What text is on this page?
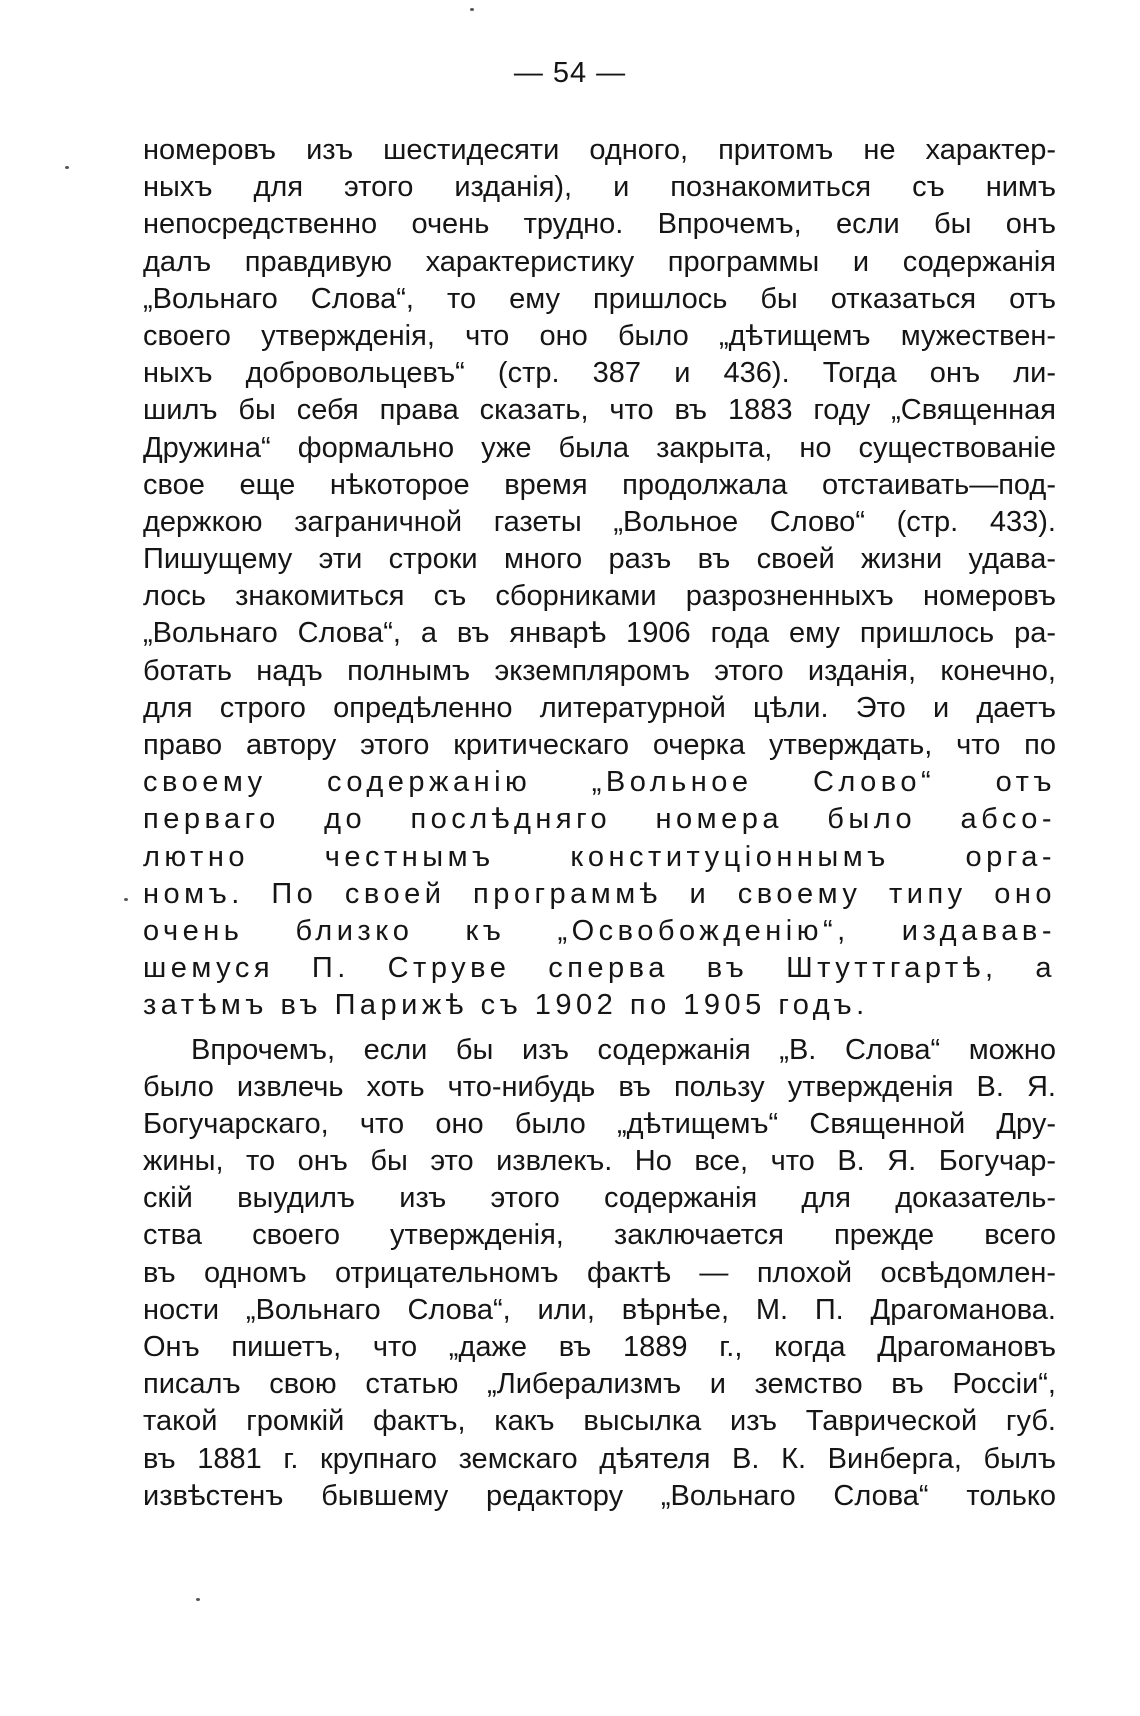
— 54 —
номеровъ изъ шестидесяти одного, притомъ не характер-
ныхъ для этого изданія), и познакомиться съ нимъ
непосредственно очень трудно. Впрочемъ, если бы онъ
далъ правдивую характеристику программы и содержанія
„Вольнаго Слова“, то ему пришлось бы отказаться отъ
своего утвержденія, что оно было „дѣтищемъ мужествен-
ныхъ добровольцевъ“ (стр. 387 и 436). Тогда онъ ли-
шилъ бы себя права сказать, что въ 1883 году „Священная
Дружина“ формально уже была закрыта, но существованіе
свое еще нѣкоторое время продолжала отстаивать—под-
держкою заграничной газеты „Вольное Слово“ (стр. 433).
Пишущему эти строки много разъ въ своей жизни удава-
лось знакомиться съ сборниками разрозненныхъ номеровъ
„Вольнаго Слова“, а въ январѣ 1906 года ему пришлось ра-
ботать надъ полнымъ экземпляромъ этого изданія, конечно,
для строго опредѣленно литературной цѣли. Это и даетъ
право автору этого критическаго очерка утверждать, что по
своему содержанію „Вольное Слово“ отъ
перваго до послѣдняго номера было абсо-
лютно честнымъ конституціоннымъ орга-
номъ. По своей программѣ и своему типу оно
очень близко къ „Освобожденію“, издавав-
шемуся П. Струве сперва въ Штуттгартѣ, а
затѣмъ въ Парижѣ съ 1902 по 1905 годъ.
Впрочемъ, если бы изъ содержанія „В. Слова“ можно
было извлечь хоть что-нибудь въ пользу утвержденія В. Я.
Богучарскаго, что оно было „дѣтищемъ“ Священной Дру-
жины, то онъ бы это извлекъ. Но все, что В. Я. Богучар-
скій выудилъ изъ этого содержанія для доказатель-
ства своего утвержденія, заключается прежде всего
въ одномъ отрицательномъ фактѣ — плохой освѣдомлен-
ности „Вольнаго Слова“, или, вѣрнѣе, М. П. Драгоманова.
Онъ пишетъ, что „даже въ 1889 г., когда Драгомановъ
писалъ свою статью „Либерализмъ и земство въ Россіи“,
такой громкій фактъ, какъ высылка изъ Таврической губ.
въ 1881 г. крупнаго земскаго дѣятеля В. К. Винберга, былъ
извѣстенъ бывшему редактору „Вольнаго Слова“ только
